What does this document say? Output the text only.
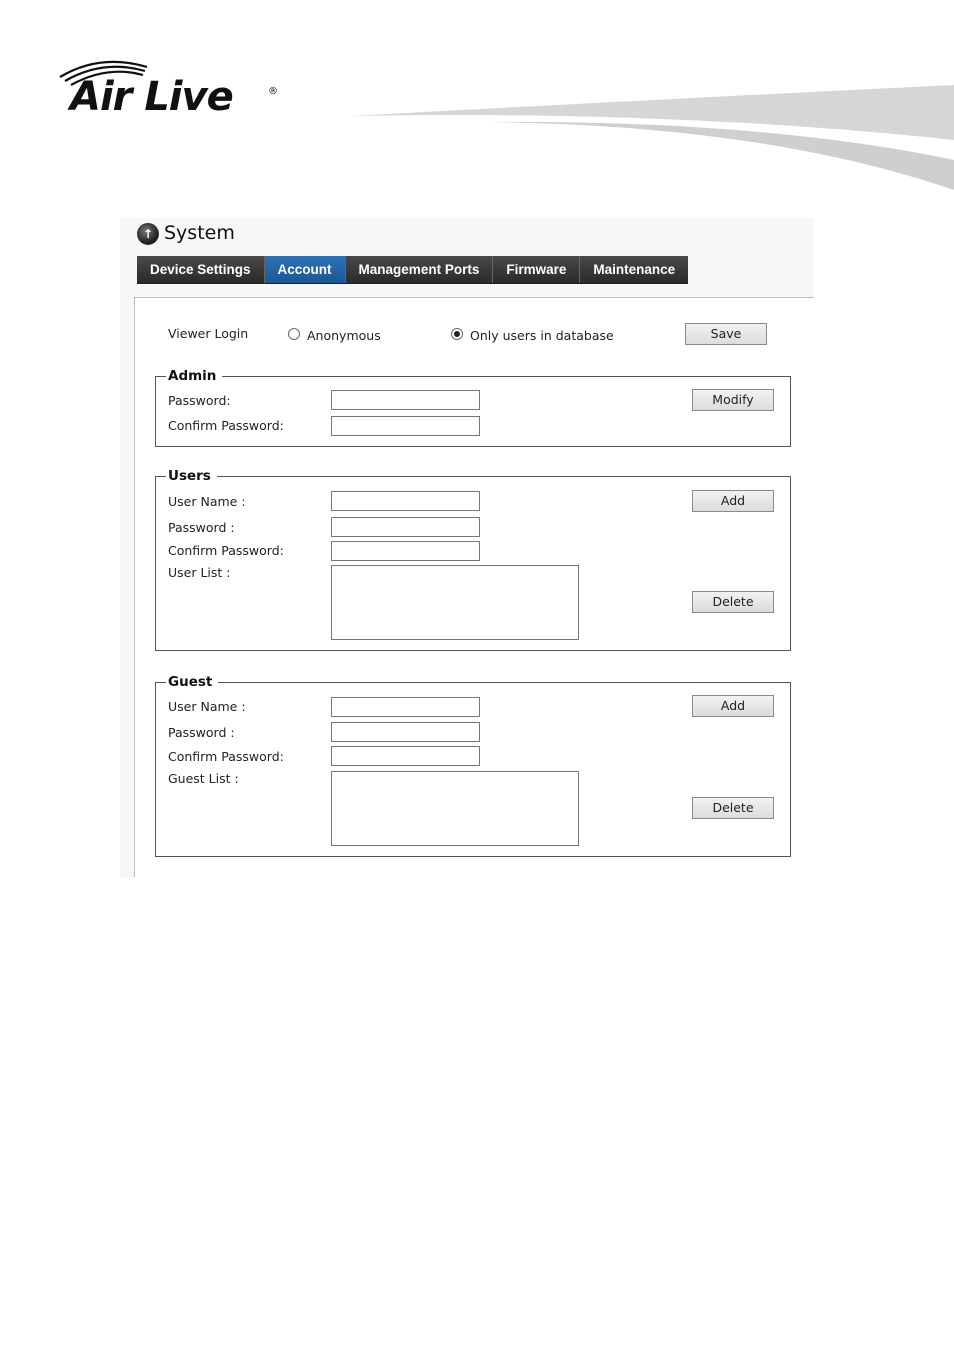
Air Live	®
↑ System
Device Settings	Account	Management Ports	Firmware	Maintenance
Viewer Login	Anonymous	Only users in database	Save
Admin
Password:
Confirm Password:
Modify
Users
User Name :
Password :
Confirm Password:
User List :
Add
Delete
Guest
User Name :
Password :
Confirm Password:
Guest List :
Add
Delete
